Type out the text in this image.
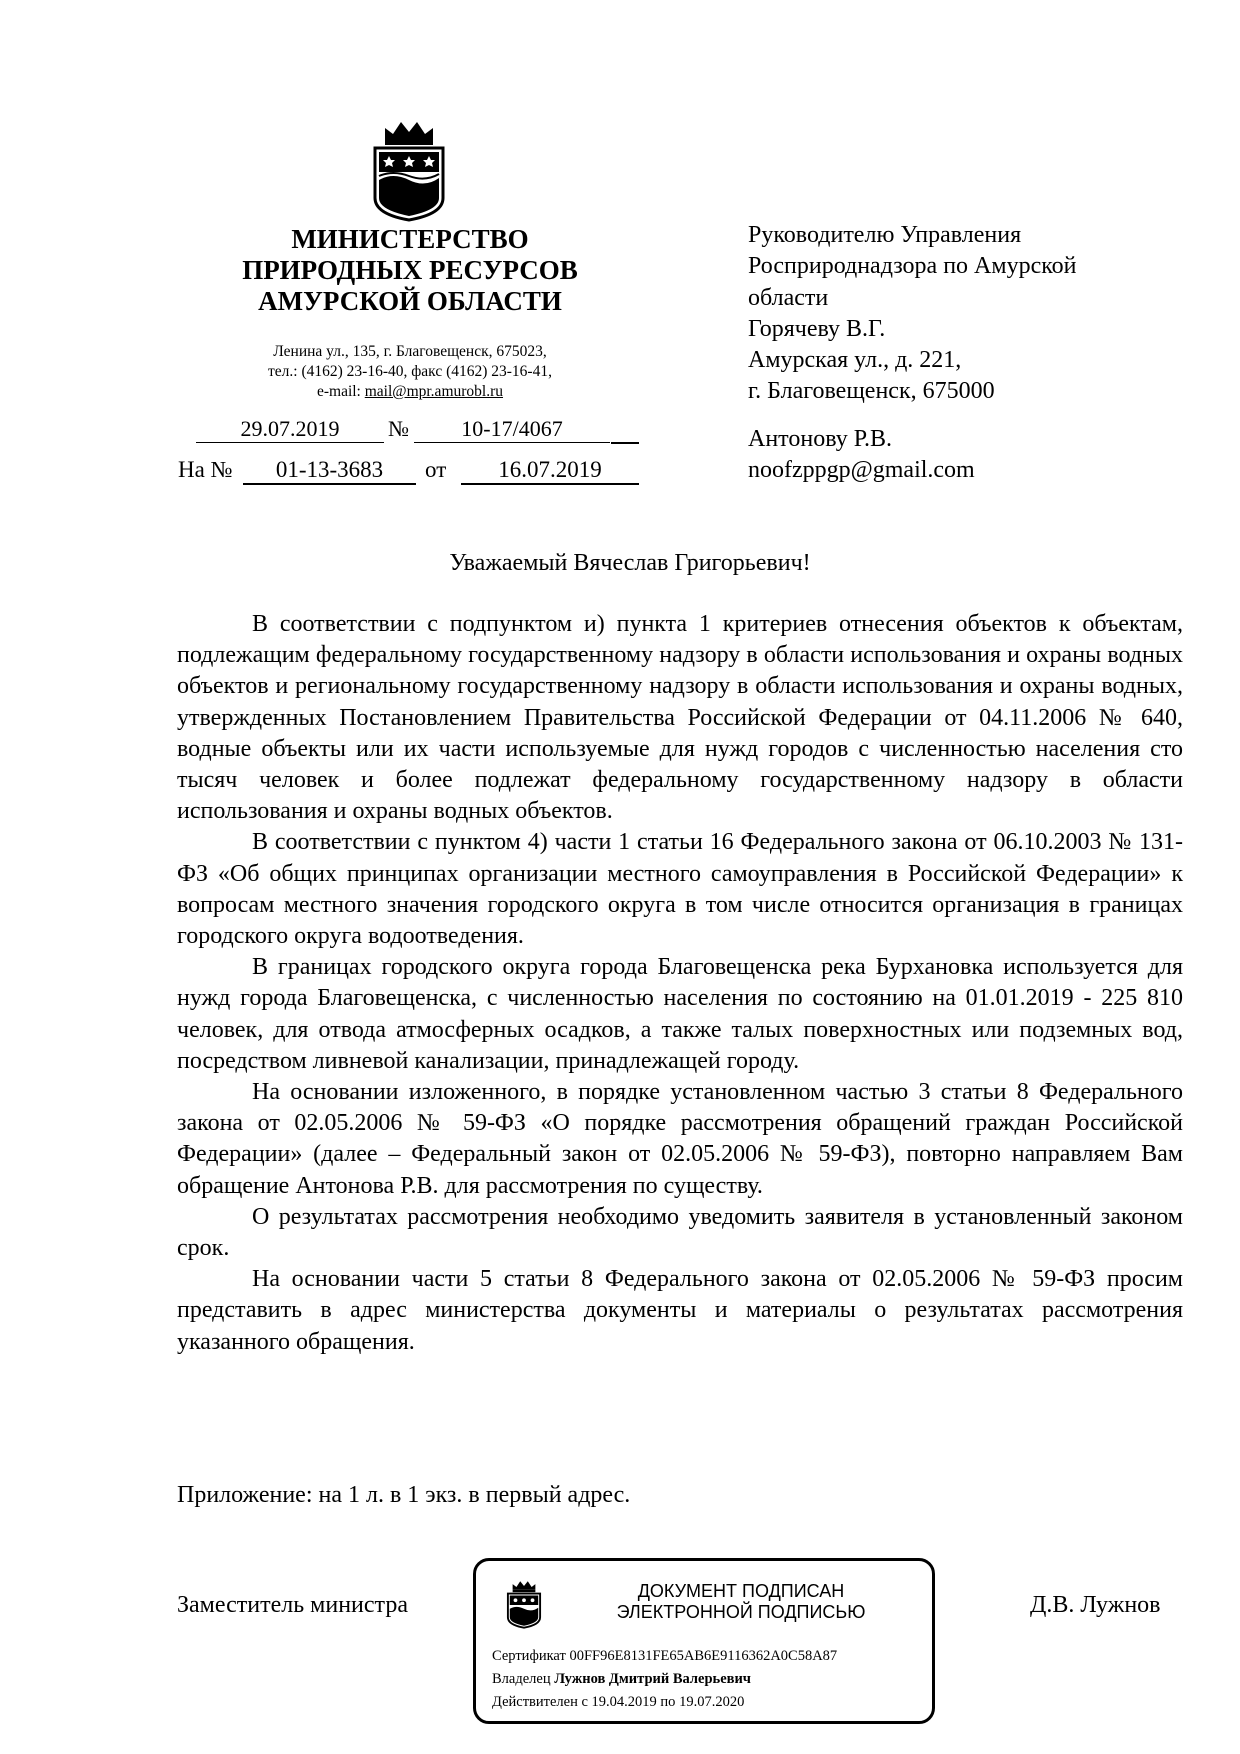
МИНИСТЕРСТВО
ПРИРОДНЫХ РЕСУРСОВ
АМУРСКОЙ ОБЛАСТИ
Ленина ул., 135, г. Благовещенск, 675023,
тел.: (4162) 23-16-40, факс (4162) 23-16-41,
e-mail: mail@mpr.amurobl.ru
29.07.2019	№	10-17/4067
На №	01-13-3683	от	16.07.2019
Руководителю Управления
Росприроднадзора по Амурской
области
Горячеву В.Г.
Амурская ул., д. 221,
г. Благовещенск, 675000
Антонову Р.В.
noofzppgp@gmail.com
Уважаемый Вячеслав Григорьевич!

В соответствии с подпунктом и) пункта 1 критериев отнесения объектов к объектам, подлежащим федеральному государственному надзору в области использования и охраны водных объектов и региональному государственному надзору в области использования и охраны водных, утвержденных Постановлением Правительства Российской Федерации от 04.11.2006 № 640, водные объекты или их части используемые для нужд городов с численностью населения сто тысяч человек и более подлежат федеральному государственному надзору в области использования и охраны водных объектов.

В соответствии с пунктом 4) части 1 статьи 16 Федерального закона от 06.10.2003 № 131-ФЗ «Об общих принципах организации местного самоуправления в Российской Федерации» к вопросам местного значения городского округа в том числе относится организация в границах городского округа водоотведения.

В границах городского округа города Благовещенска река Бурхановка используется для нужд города Благовещенска, с численностью населения по состоянию на 01.01.2019 - 225 810 человек, для отвода атмосферных осадков, а также талых поверхностных или подземных вод, посредством ливневой канализации, принадлежащей городу.

На основании изложенного, в порядке установленном частью 3 статьи 8 Федерального закона от 02.05.2006 № 59-ФЗ «О порядке рассмотрения обращений граждан Российской Федерации» (далее – Федеральный закон от 02.05.2006 № 59-ФЗ), повторно направляем Вам обращение Антонова Р.В. для рассмотрения по существу.

О результатах рассмотрения необходимо уведомить заявителя в установленный законом срок.

На основании части 5 статьи 8 Федерального закона от 02.05.2006 № 59-ФЗ просим представить в адрес министерства документы и материалы о результатах рассмотрения указанного обращения.

Приложение: на 1 л. в 1 экз. в первый адрес.
Заместитель министра	Д.В. Лужнов
ДОКУМЕНТ ПОДПИСАН
ЭЛЕКТРОННОЙ ПОДПИСЬЮ
Сертификат 00FF96E8131FE65AB6E9116362A0C58A87
Владелец Лужнов Дмитрий Валерьевич
Действителен с 19.04.2019 по 19.07.2020
